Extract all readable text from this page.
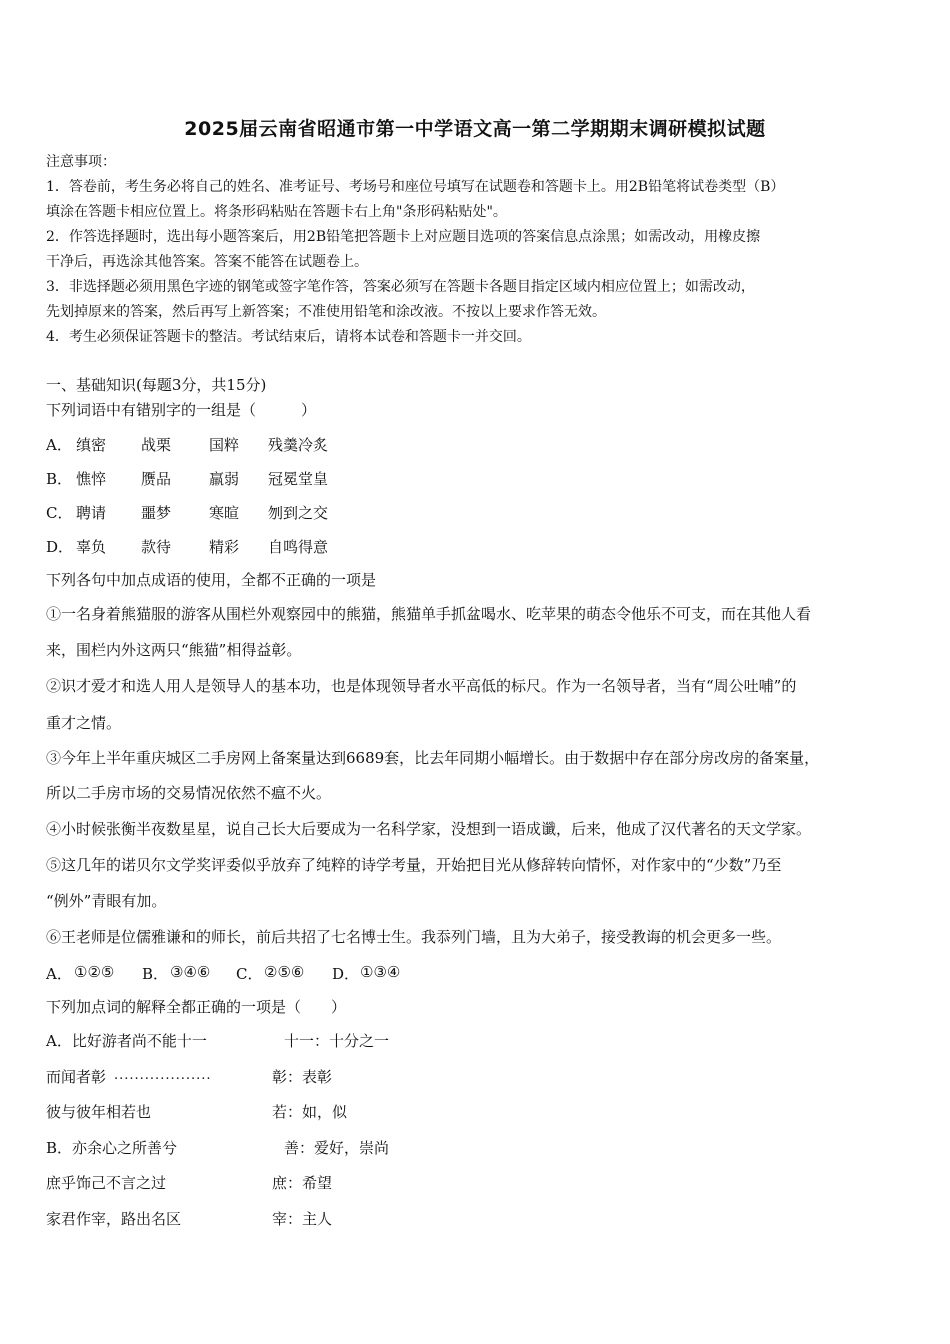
2025届云南省昭通市第一中学语文高一第二学期期末调研模拟试题
注意事项：
1．答卷前，考生务必将自己的姓名、准考证号、考场号和座位号填写在试题卷和答题卡上。用2B铅笔将试卷类型（B）
填涂在答题卡相应位置上。将条形码粘贴在答题卡右上角"条形码粘贴处"。
2．作答选择题时，选出每小题答案后，用2B铅笔把答题卡上对应题目选项的答案信息点涂黑；如需改动，用橡皮擦
干净后，再选涂其他答案。答案不能答在试题卷上。
3．非选择题必须用黑色字迹的钢笔或签字笔作答，答案必须写在答题卡各题目指定区域内相应位置上；如需改动，
先划掉原来的答案，然后再写上新答案；不准使用铅笔和涂改液。不按以上要求作答无效。
4．考生必须保证答题卡的整洁。考试结束后，请将本试卷和答题卡一并交回。
一、基础知识(每题3分，共15分)
下列词语中有错别字的一组是（　　　）
A． 缜密 战栗	国粹 残羹冷炙
B． 憔悴 赝品	羸弱 冠冕堂皇
C． 聘请 噩梦	寒暄 刎到之交
D． 辜负 款待	精彩 自鸣得意
下列各句中加点成语的使用，全都不正确的一项是
①一名身着熊猫服的游客从围栏外观察园中的熊猫，熊猫单手抓盆喝水、吃苹果的萌态令他乐不可支，而在其他人看
来，围栏内外这两只“熊猫”相得益彰。
②识才爱才和选人用人是领导人的基本功，也是体现领导者水平高低的标尺。作为一名领导者，当有“周公吐哺”的
重才之情。
③今年上半年重庆城区二手房网上备案量达到6689套，比去年同期小幅增长。由于数据中存在部分房改房的备案量，
所以二手房市场的交易情况依然不瘟不火。
④小时候张衡半夜数星星，说自己长大后要成为一名科学家，没想到一语成谶，后来，他成了汉代著名的天文学家。
⑤这几年的诺贝尔文学奖评委似乎放弃了纯粹的诗学考量，开始把目光从修辞转向情怀，对作家中的“少数”乃至
“例外”青眼有加。
⑥王老师是位儒雅谦和的师长，前后共招了七名博士生。我忝列门墙，且为大弟子，接受教诲的机会更多一些。
A． ①②⑤ B． ③④⑥ C． ②⑤⑥ D． ①③④
下列加点词的解释全都正确的一项是（　　）
A．比好游者尚不能十一	十一：十分之一
而闻者彰 ...................	彰：表彰
彼与彼年相若也	若：如，似
B．亦余心之所善兮	善：爱好，崇尚
庶乎饰己不言之过	庶：希望
家君作宰，路出名区	宰：主人
